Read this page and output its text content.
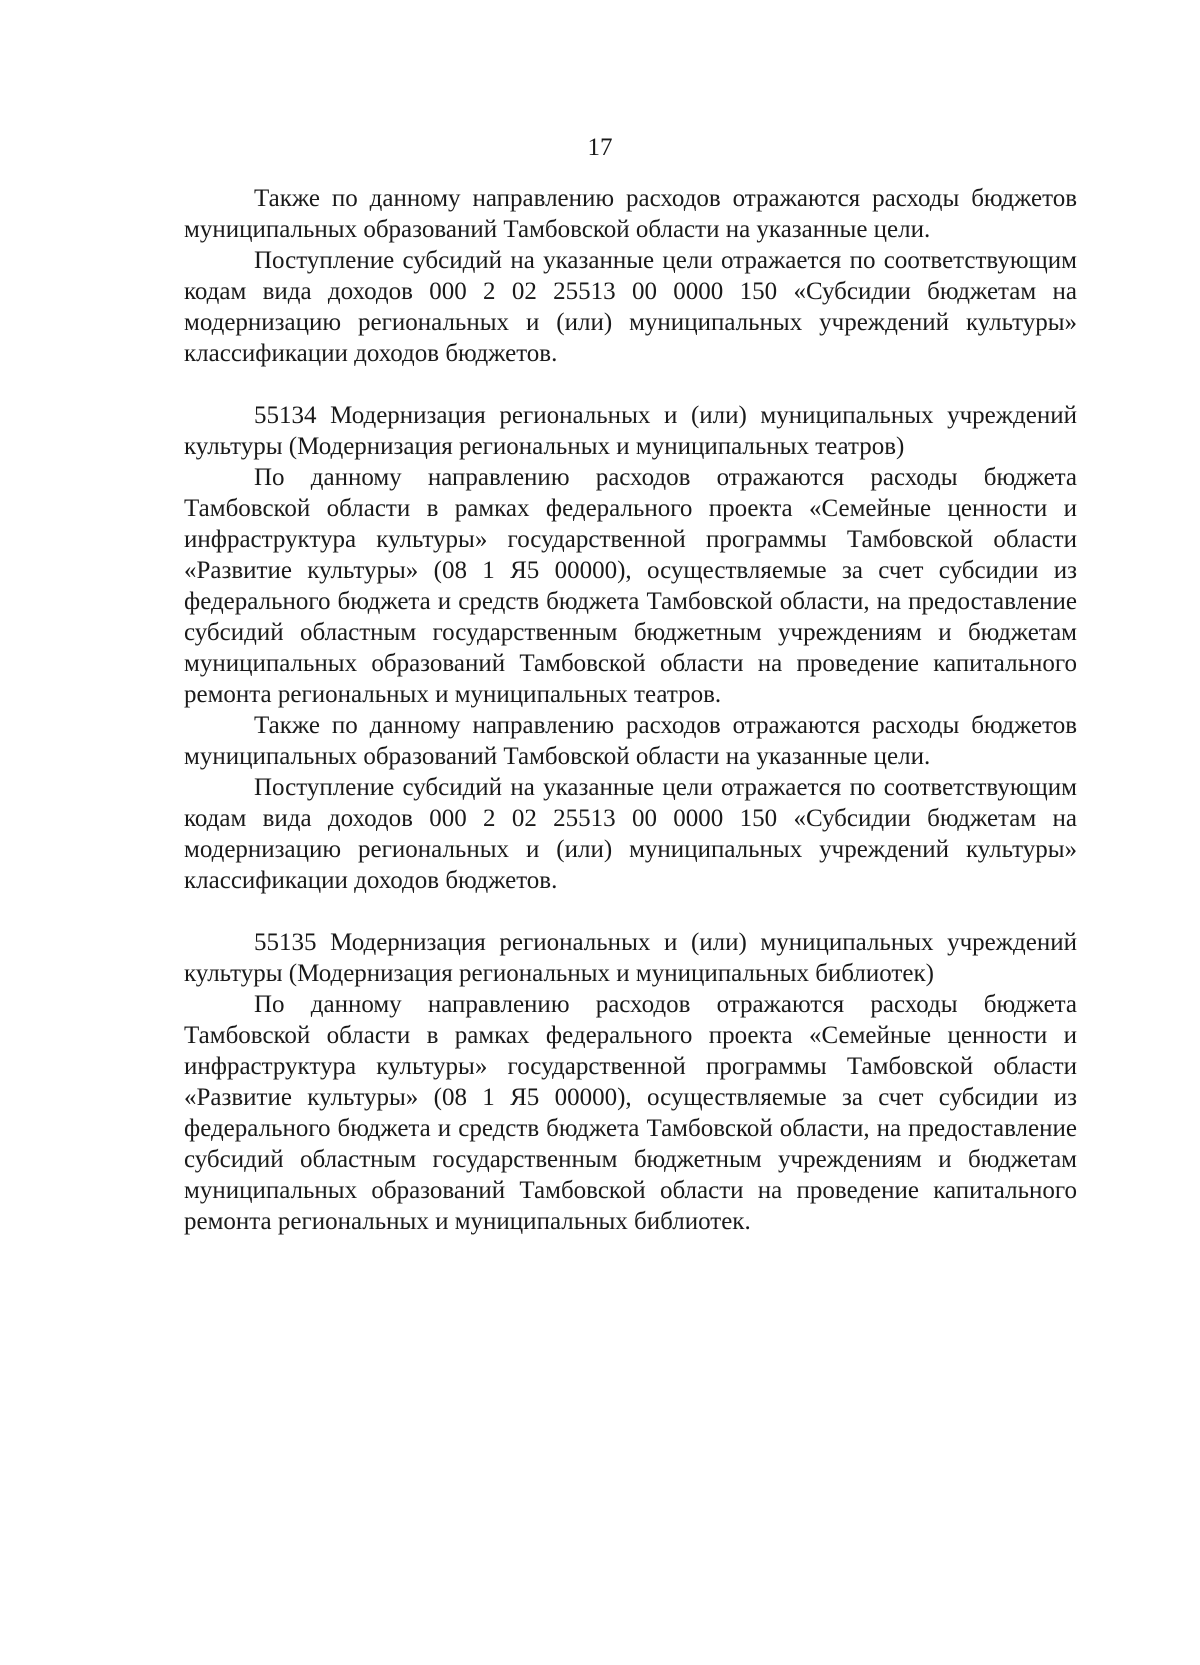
17

Также по данному направлению расходов отражаются расходы бюджетов муниципальных образований Тамбовской области на указанные цели.

Поступление субсидий на указанные цели отражается по соответствующим кодам вида доходов 000 2 02 25513 00 0000 150 «Субсидии бюджетам на модернизацию региональных и (или) муниципальных учреждений культуры» классификации доходов бюджетов.

55134 Модернизация региональных и (или) муниципальных учреждений культуры (Модернизация региональных и муниципальных театров)

По данному направлению расходов отражаются расходы бюджета Тамбовской области в рамках федерального проекта «Семейные ценности и инфраструктура культуры» государственной программы Тамбовской области «Развитие культуры» (08 1 Я5 00000), осуществляемые за счет субсидии из федерального бюджета и средств бюджета Тамбовской области, на предоставление субсидий областным государственным бюджетным учреждениям и бюджетам муниципальных образований Тамбовской области на проведение капитального ремонта региональных и муниципальных театров.

Также по данному направлению расходов отражаются расходы бюджетов муниципальных образований Тамбовской области на указанные цели.

Поступление субсидий на указанные цели отражается по соответствующим кодам вида доходов 000 2 02 25513 00 0000 150 «Субсидии бюджетам на модернизацию региональных и (или) муниципальных учреждений культуры» классификации доходов бюджетов.

55135 Модернизация региональных и (или) муниципальных учреждений культуры (Модернизация региональных и муниципальных библиотек)

По данному направлению расходов отражаются расходы бюджета Тамбовской области в рамках федерального проекта «Семейные ценности и инфраструктура культуры» государственной программы Тамбовской области «Развитие культуры» (08 1 Я5 00000), осуществляемые за счет субсидии из федерального бюджета и средств бюджета Тамбовской области, на предоставление субсидий областным государственным бюджетным учреждениям и бюджетам муниципальных образований Тамбовской области на проведение капитального ремонта региональных и муниципальных библиотек.
